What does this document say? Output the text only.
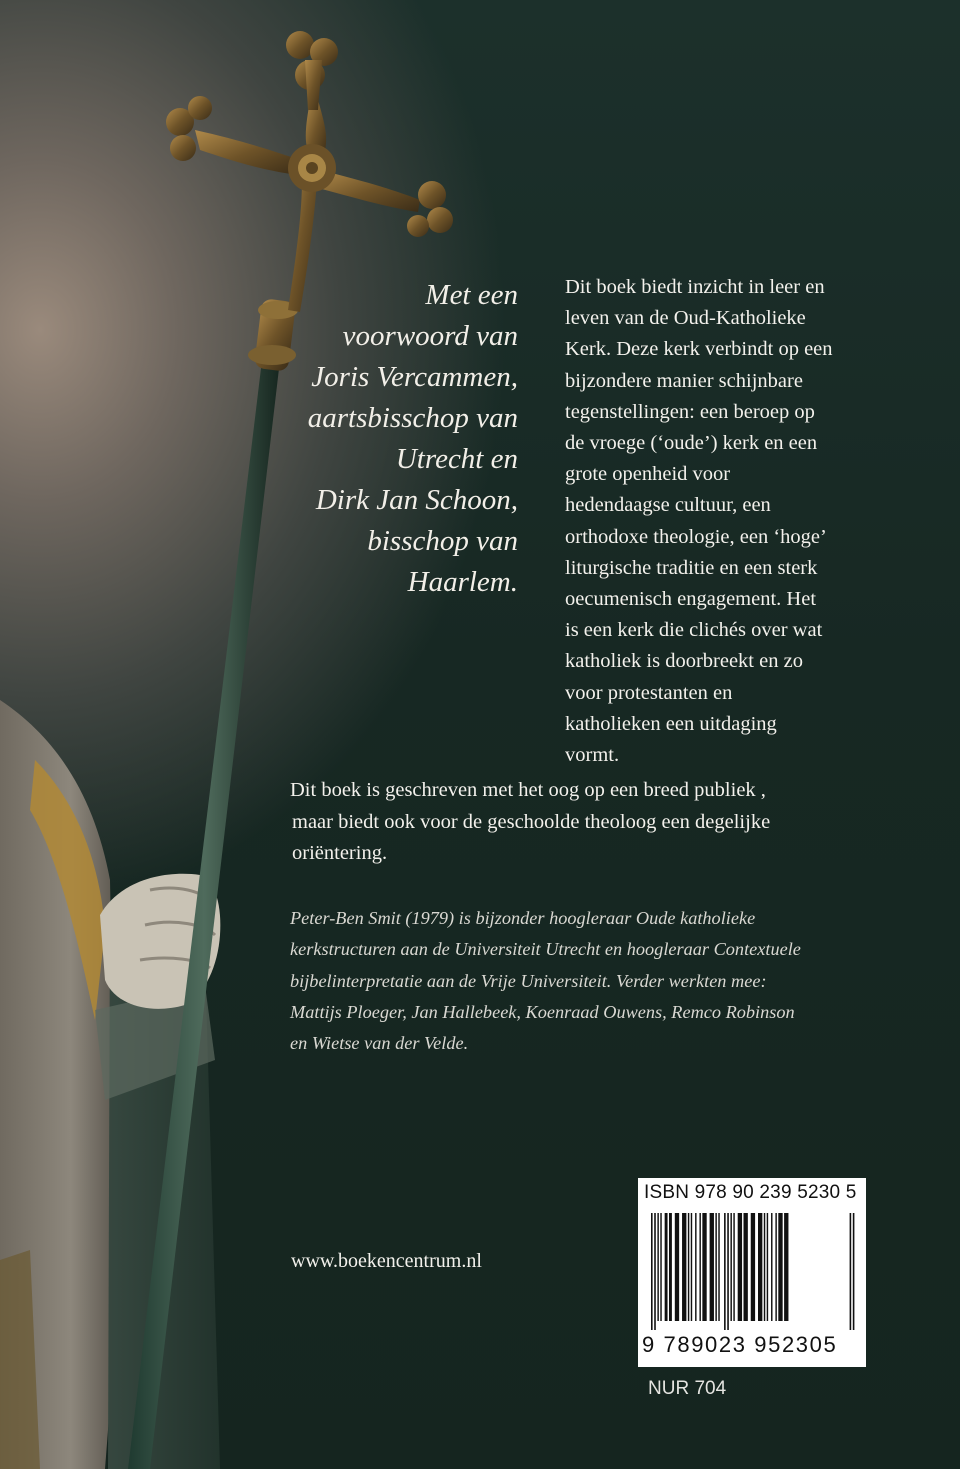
Met een
voorwoord van
Joris Vercammen,
aartsbisschop van
Utrecht en
Dirk Jan Schoon,
bisschop van
Haarlem.
Dit boek biedt inzicht in leer en
leven van de Oud-Katholieke
Kerk. Deze kerk verbindt op een
bijzondere manier schijnbare
tegenstellingen: een beroep op
de vroege (‘oude’) kerk en een
grote openheid voor
hedendaagse cultuur, een
orthodoxe theologie, een ‘hoge’
liturgische traditie en een sterk
oecumenisch engagement. Het
is een kerk die clichés over wat
katholiek is doorbreekt en zo
voor protestanten en
katholieken een uitdaging
vormt.
Dit boek is geschreven met het oog op een breed publiek ,
maar biedt ook voor de geschoolde theoloog een degelijke
oriëntering.
Peter-Ben Smit (1979) is bijzonder hoogleraar Oude katholieke
kerkstructuren aan de Universiteit Utrecht en hoogleraar Contextuele
bijbelinterpretatie aan de Vrije Universiteit. Verder werkten mee:
Mattijs Ploeger, Jan Hallebeek, Koenraad Ouwens, Remco Robinson
en Wietse van der Velde.
www.boekencentrum.nl
ISBN 978 90 239 5230 5
9 789023 952305
NUR 704
